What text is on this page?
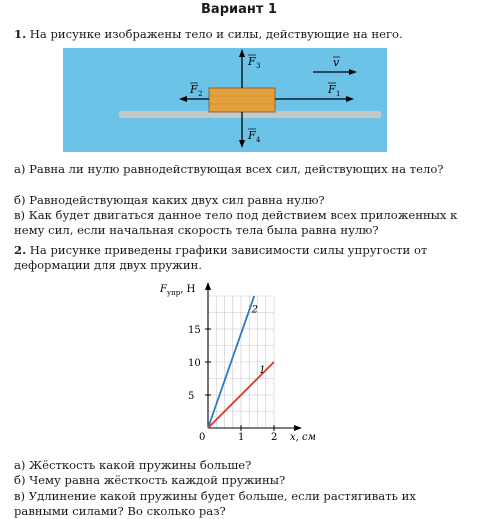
Вариант 1
1. На рисунке изображены тело и силы, действующие на него.
F 3
F 4
F 2	F 1
v
а) Равна ли нулю равнодействующая всех сил, действующих на тело?
б) Равнодействующая каких двух сил равна нулю?
в) Как будет двигаться данное тело под действием всех приложенных к нему сил, если начальная скорость тела была равна нулю?
2. На рисунке приведены графики зависимости силы упругости от деформации для двух пружин.
0	1	2
5
10
15
2
1
$F_{упр}$, Н
x, см
а) Жёсткость какой пружины больше?
б) Чему равна жёсткость каждой пружины?
в) Удлинение какой пружины будет больше, если растягивать их равными силами? Во сколько раз?
